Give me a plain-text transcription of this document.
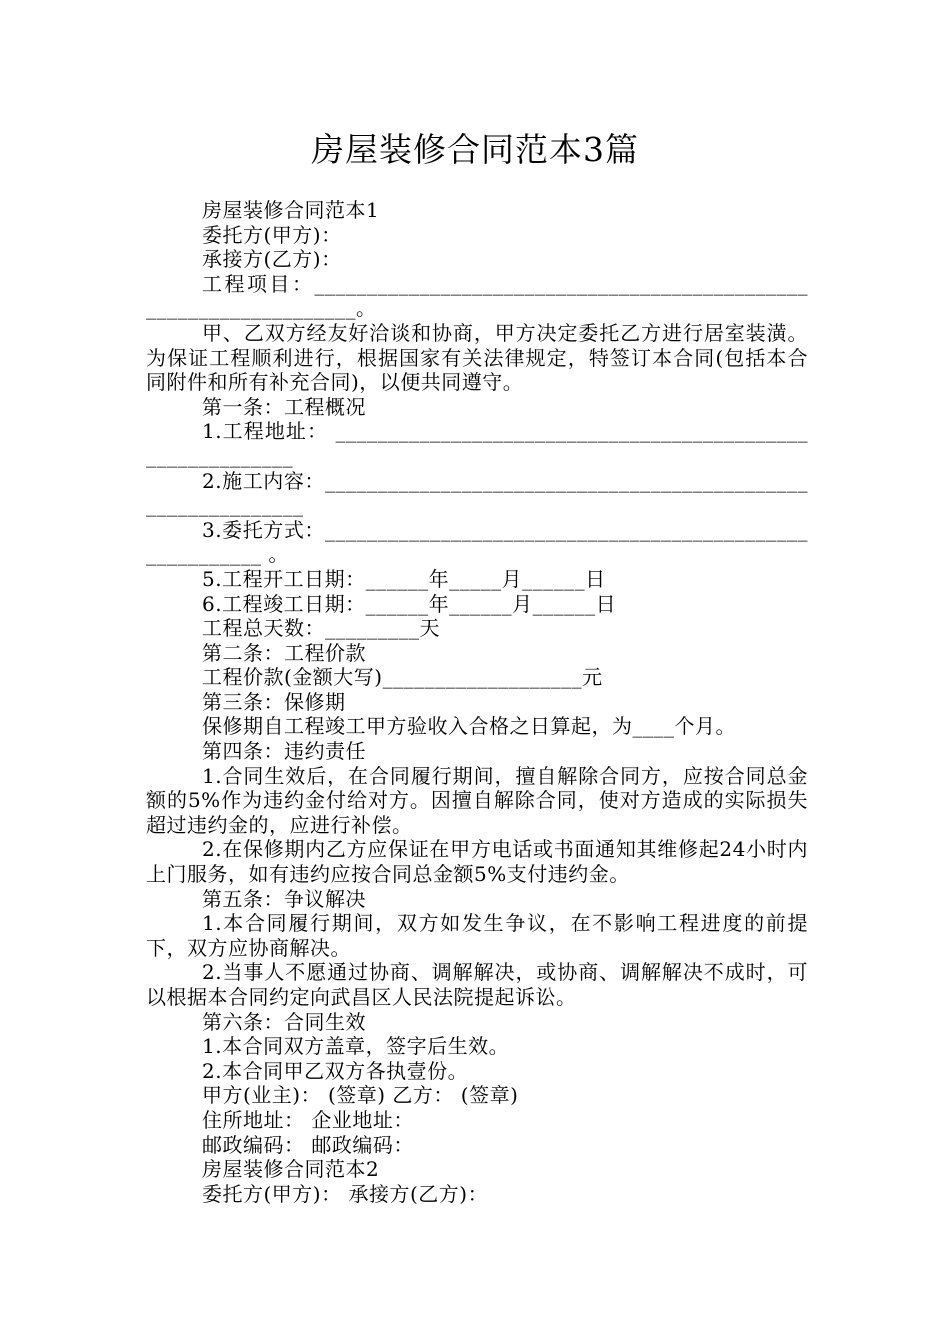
房屋装修合同范本3篇

房屋装修合同范本1

委托方(甲方)：

承接方(乙方)：

工程项目：___________________________________________________________________。

甲、乙双方经友好洽谈和协商，甲方决定委托乙方进行居室装潢。为保证工程顺利进行，根据国家有关法律规定，特签订本合同(包括本合同附件和所有补充合同)，以便共同遵守。

第一条：工程概况

1.工程地址： ___________________________________________________________

2.施工内容：_____________________________________________________________

3.委托方式：_________________________________________________________ 。

5.工程开工日期：______年_____月______日

6.工程竣工日期：______年______月______日

工程总天数：_________天

第二条：工程价款

工程价款(金额大写)___________________元

第三条：保修期

保修期自工程竣工甲方验收入合格之日算起，为____个月。

第四条：违约责任

1.合同生效后，在合同履行期间，擅自解除合同方，应按合同总金额的5%作为违约金付给对方。因擅自解除合同，使对方造成的实际损失超过违约金的，应进行补偿。

2.在保修期内乙方应保证在甲方电话或书面通知其维修起24小时内上门服务，如有违约应按合同总金额5%支付违约金。

第五条：争议解决

1.本合同履行期间，双方如发生争议，在不影响工程进度的前提下，双方应协商解决。

2.当事人不愿通过协商、调解解决，或协商、调解解决不成时，可以根据本合同约定向武昌区人民法院提起诉讼。

第六条：合同生效

1.本合同双方盖章，签字后生效。

2.本合同甲乙双方各执壹份。

甲方(业主)： (签章) 乙方： (签章)

住所地址： 企业地址：

邮政编码： 邮政编码：

房屋装修合同范本2

委托方(甲方)： 承接方(乙方)：
